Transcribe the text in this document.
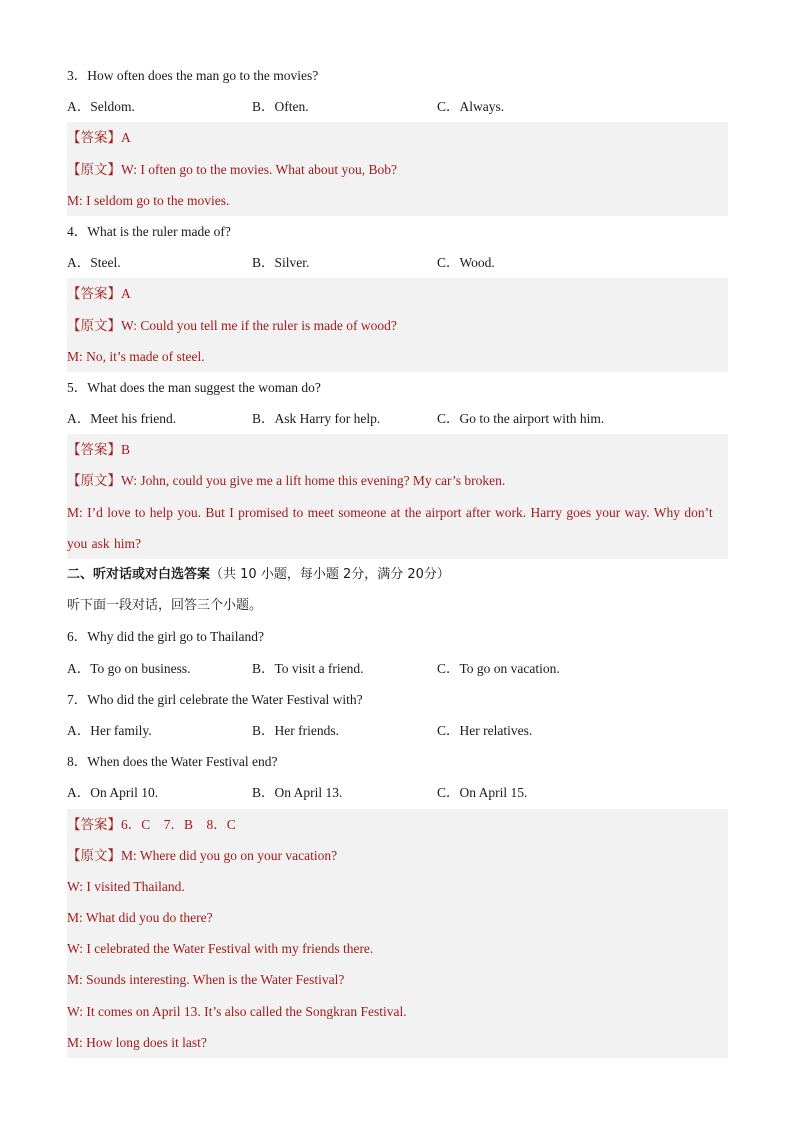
3．How often does the man go to the movies?
A．Seldom.	B．Often.	C．Always.
【答案】A
【原文】W: I often go to the movies. What about you, Bob?
M: I seldom go to the movies.
4．What is the ruler made of?
A．Steel.	B．Silver.	C．Wood.
【答案】A
【原文】W: Could you tell me if the ruler is made of wood?
M: No, it’s made of steel.
5．What does the man suggest the woman do?
A．Meet his friend.	B．Ask Harry for help.	C．Go to the airport with him.
【答案】B
【原文】W: John, could you give me a lift home this evening? My car’s broken.
M: I’d love to help you. But I promised to meet someone at the airport after work. Harry goes your way. Why don’t you ask him?
二、听对话或对白选答案（共 10 小题，每小题 2分，满分 20分）
听下面一段对话，回答三个小题。
6．Why did the girl go to Thailand?
A．To go on business.	B．To visit a friend.	C．To go on vacation.
7．Who did the girl celebrate the Water Festival with?
A．Her family.	B．Her friends.	C．Her relatives.
8．When does the Water Festival end?
A．On April 10.	B．On April 13.	C．On April 15.
【答案】6．C　7．B　8．C
【原文】M: Where did you go on your vacation?
W: I visited Thailand.
M: What did you do there?
W: I celebrated the Water Festival with my friends there.
M: Sounds interesting. When is the Water Festival?
W: It comes on April 13. It’s also called the Songkran Festival.
M: How long does it last?
